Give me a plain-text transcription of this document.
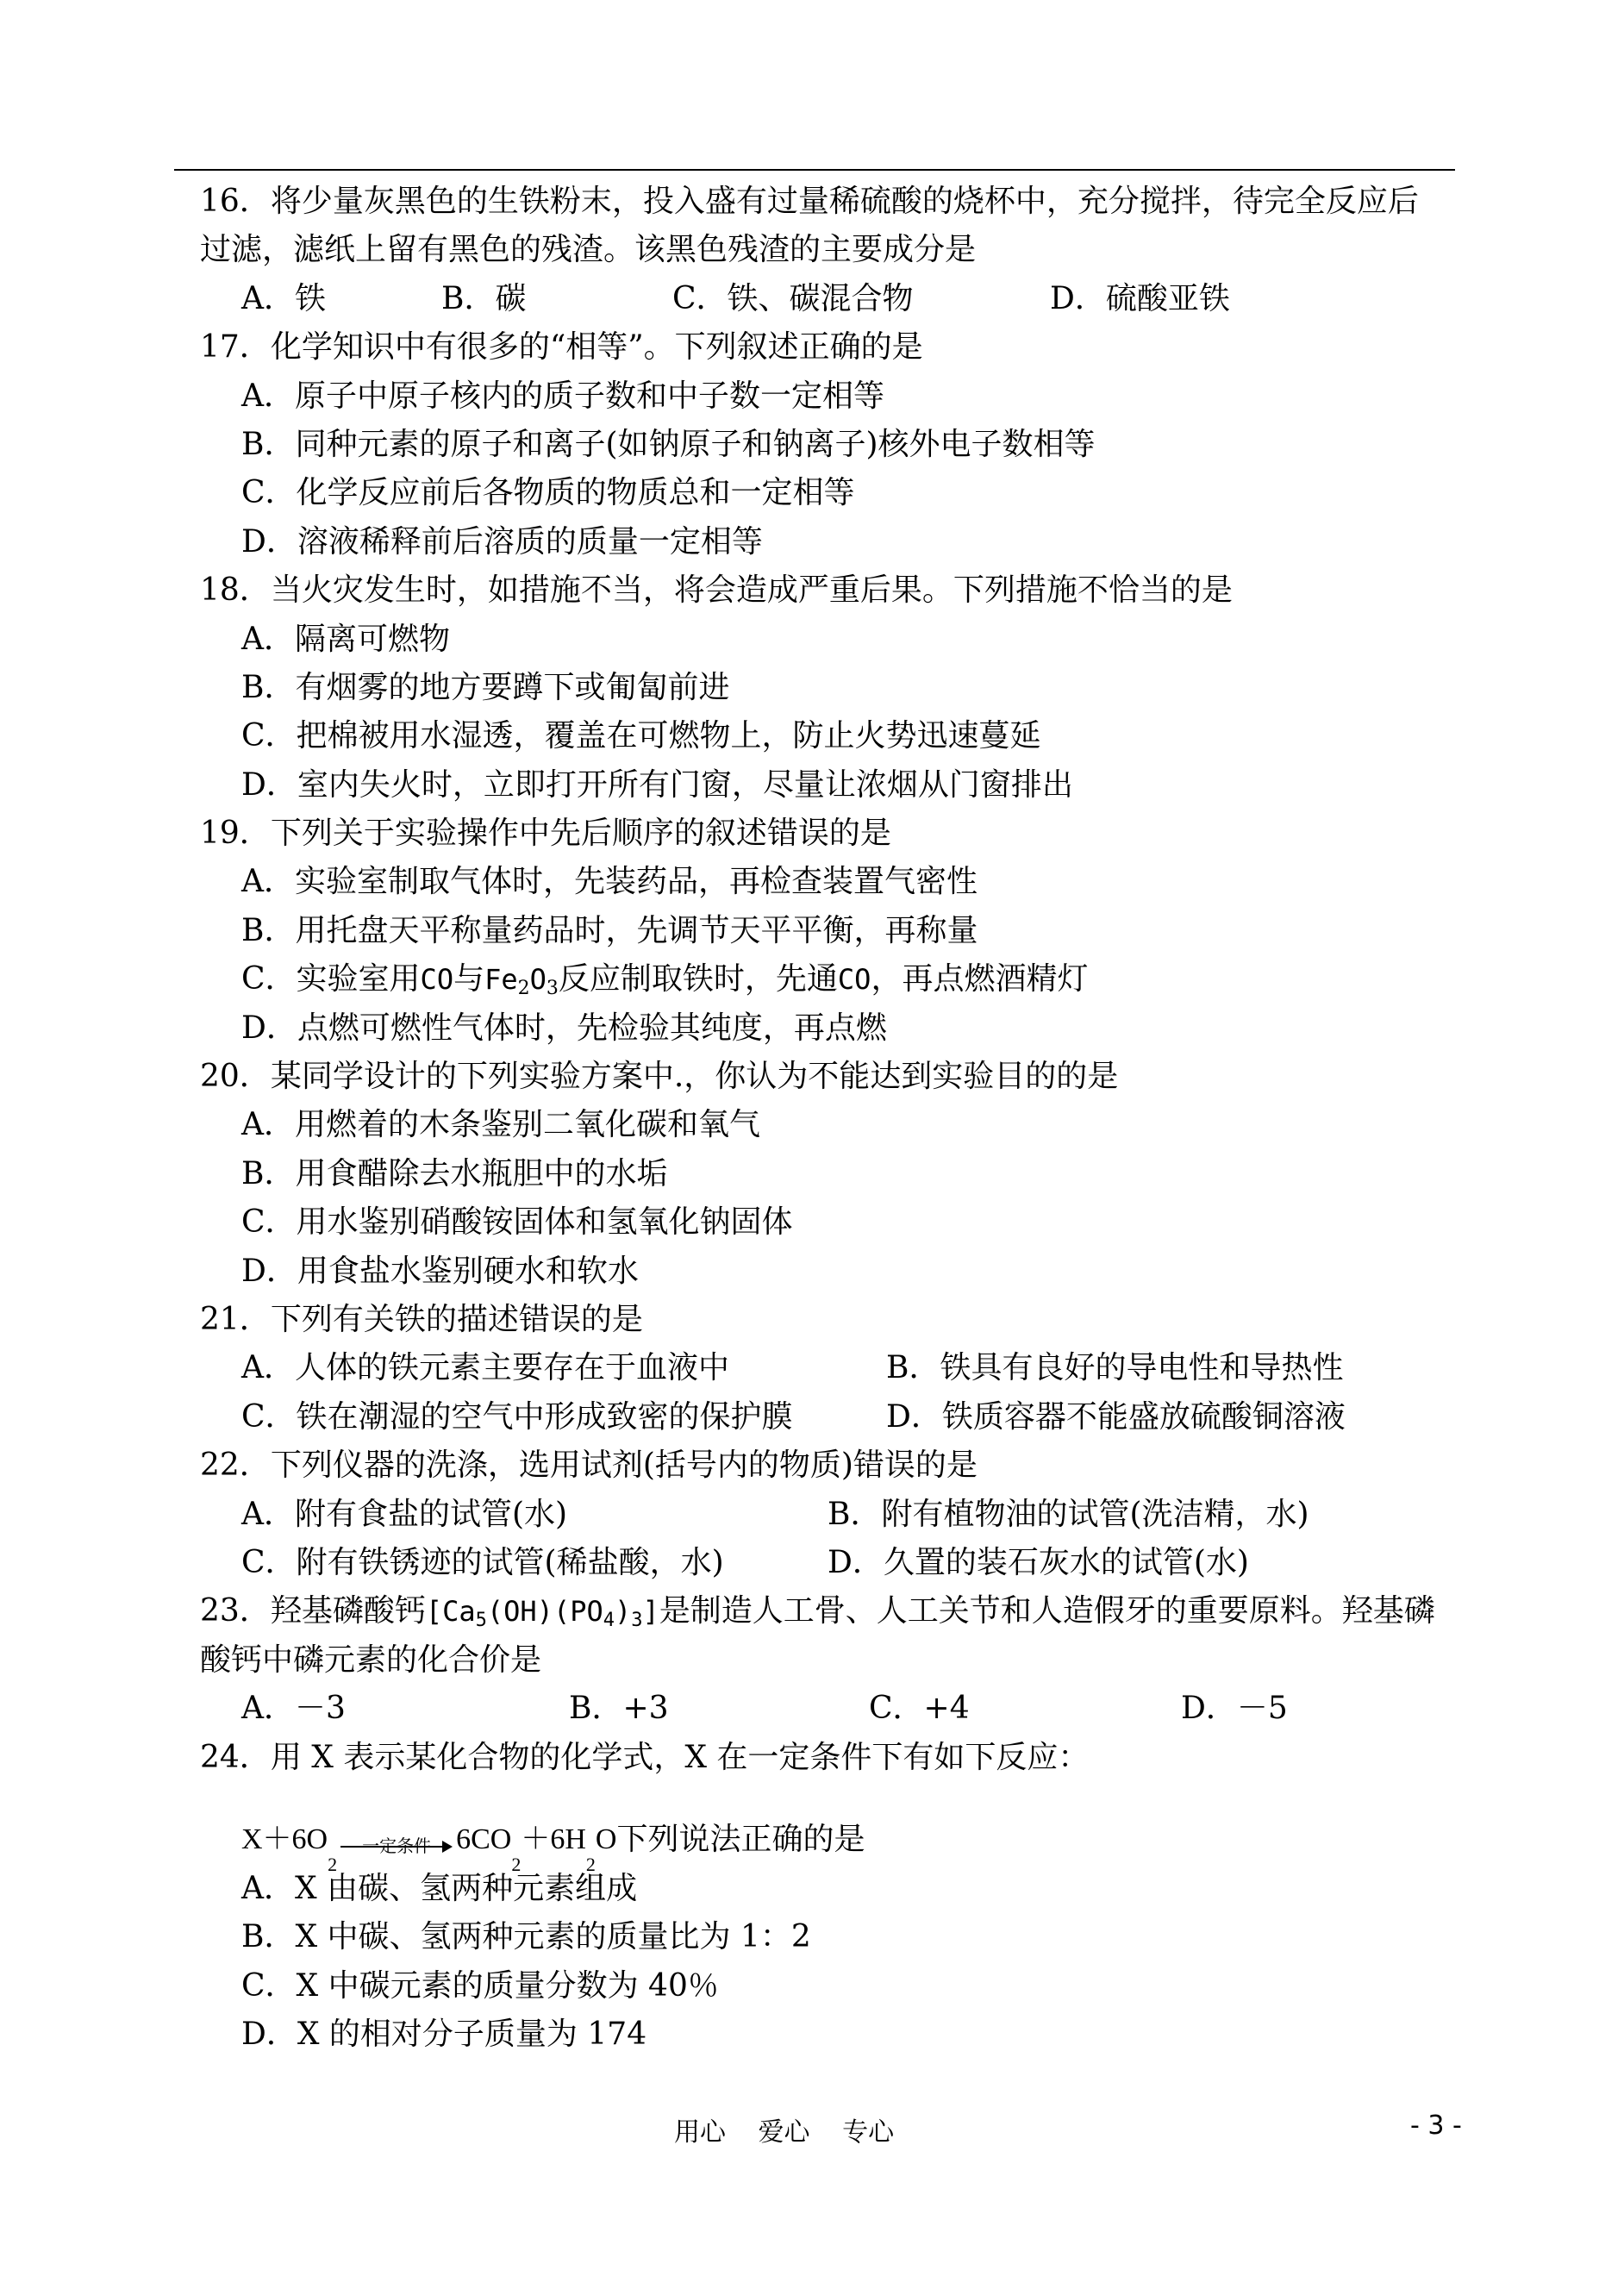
16．将少量灰黑色的生铁粉末，投入盛有过量稀硫酸的烧杯中，充分搅拌，待完全反应后
过滤，滤纸上留有黑色的残渣。该黑色残渣的主要成分是
A．铁	B．碳	C．铁、碳混合物	D．硫酸亚铁
17．化学知识中有很多的“相等”。下列叙述正确的是
A．原子中原子核内的质子数和中子数一定相等
B．同种元素的原子和离子(如钠原子和钠离子)核外电子数相等
C．化学反应前后各物质的物质总和一定相等
D．溶液稀释前后溶质的质量一定相等
18．当火灾发生时，如措施不当，将会造成严重后果。下列措施不恰当的是
A．隔离可燃物
B．有烟雾的地方要蹲下或匍匐前进
C．把棉被用水湿透，覆盖在可燃物上，防止火势迅速蔓延
D．室内失火时，立即打开所有门窗，尽量让浓烟从门窗排出
19．下列关于实验操作中先后顺序的叙述错误的是
A．实验室制取气体时，先装药品，再检查装置气密性
B．用托盘天平称量药品时，先调节天平平衡，再称量
C．实验室用CO与$Fe_2O_3$反应制取铁时，先通CO，再点燃酒精灯
D．点燃可燃性气体时，先检验其纯度，再点燃
20．某同学设计的下列实验方案中.，你认为不能达到实验目的的是
A．用燃着的木条鉴别二氧化碳和氧气
B．用食醋除去水瓶胆中的水垢
C．用水鉴别硝酸铵固体和氢氧化钠固体
D．用食盐水鉴别硬水和软水
21．下列有关铁的描述错误的是
A．人体的铁元素主要存在于血液中	B．铁具有良好的导电性和导热性
C．铁在潮湿的空气中形成致密的保护膜	D．铁质容器不能盛放硫酸铜溶液
22．下列仪器的洗涤，选用试剂(括号内的物质)错误的是
A．附有食盐的试管(水)	B．附有植物油的试管(洗洁精，水)
C．附有铁锈迹的试管(稀盐酸，水)	D．久置的装石灰水的试管(水)
23．羟基磷酸钙$[Ca_5(OH)(PO_4)_3]$是制造人工骨、人工关节和人造假牙的重要原料。羟基磷
酸钙中磷元素的化合价是
A．－3	B．+3	C．+4	D．－5
24．用 X 表示某化合物的化学式，X 在一定条件下有如下反应：
X＋6O
2
一定条件 6CO
2
＋6H
2
O 下列说法正确的是
A．X 由碳、氢两种元素组成
B．X 中碳、氢两种元素的质量比为 1：2
C．X 中碳元素的质量分数为 40％
D．X 的相对分子质量为 174
用心 爱心 专心	- 3 -
